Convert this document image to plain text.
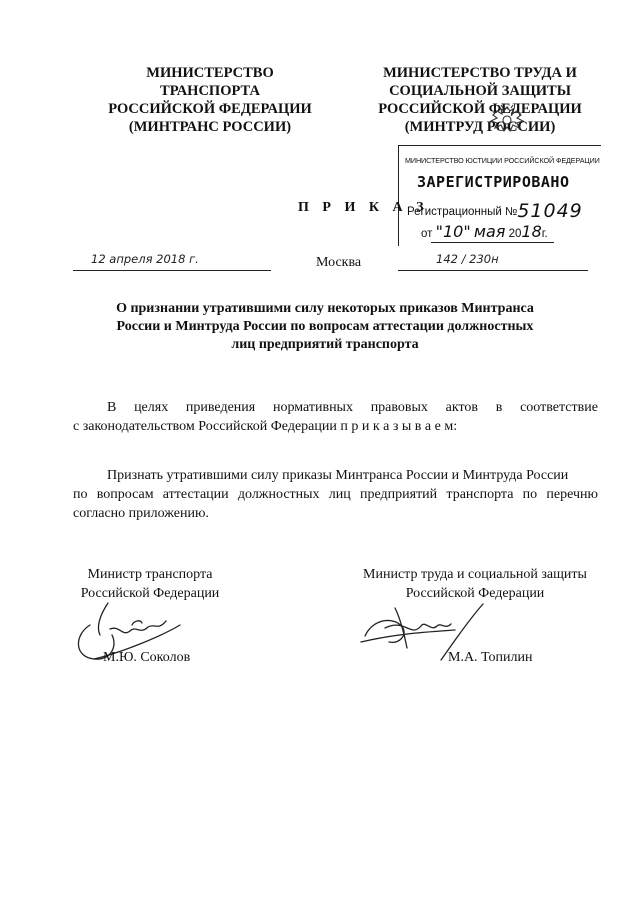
МИНИСТЕРСТВО
ТРАНСПОРТА
РОССИЙСКОЙ ФЕДЕРАЦИИ
(МИНТРАНС РОССИИ)
МИНИСТЕРСТВО ТРУДА И
СОЦИАЛЬНОЙ ЗАЩИТЫ
РОССИЙСКОЙ ФЕДЕРАЦИИ
(МИНТРУД РОССИИ)
МИНИСТЕРСТВО ЮСТИЦИИ РОССИЙСКОЙ ФЕДЕРАЦИИ
ЗАРЕГИСТРИРОВАНО
Регистрационный №51049
от "10" мая 2018г.
П Р И К А З
12 апреля 2018 г.	Москва	142 / 230н
О признании утратившими силу некоторых приказов Минтранса
России и Минтруда России по вопросам аттестации должностных
лиц предприятий транспорта
В целях приведения нормативных правовых актов в соответствие
с законодательством Российской Федерации п р и к а з ы в а е м:
Признать утратившими силу приказы Минтранса России и Минтруда России
по вопросам аттестации должностных лиц предприятий транспорта по перечню
согласно приложению.
Министр транспорта
Российской Федерации
Министр труда и социальной защиты
Российской Федерации
М.Ю. Соколов	М.А. Топилин
